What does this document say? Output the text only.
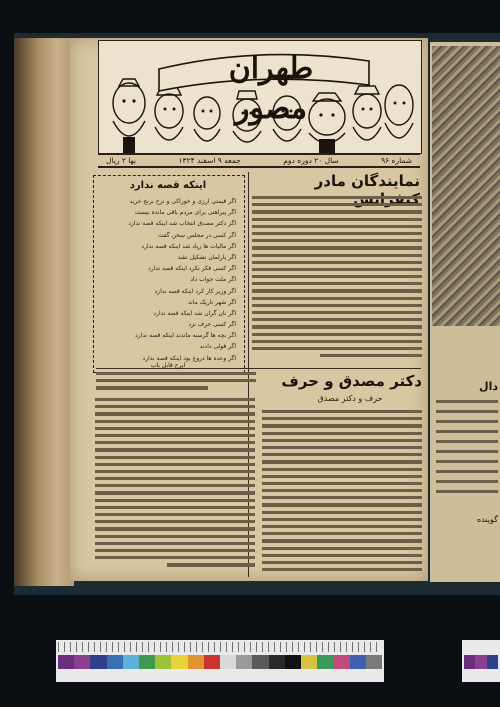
دال
گوینده
طهران مصور
شماره ۹۶
سال ۲۰ دوره دوم
جمعه ۹ اسفند ۱۳۲۴
بها ۲ ریال
اینکه قصه ندارد
اگر قیمتی ارزی و خوراکی و نرخ برنج خرید
اگر پیراهنی برای مردم باقی مانده نیست
اگر دکتر مصدق انتخاب شد اینکه قصه ندارد
اگر کسی در مجلس سخن گفت
اگر مالیات ها زیاد شد اینکه قصه ندارد
اگر پارلمان تشکیل نشد
اگر کسی فکر نکرد اینکه قصه ندارد
اگر ملت جواب داد
اگر وزیر کار کرد اینکه قصه ندارد
اگر شهر تاریک ماند
اگر نان گران شد اینکه قصه ندارد
اگر کسی حرف نزد
اگر بچه ها گرسنه ماندند اینکه قصه ندارد
اگر قولی دادند
اگر وعده ها دروغ بود اینکه قصه ندارد
ایرج قابل باب
نمایندگان مادر
دکتر مصدق و حرف
حرف و دکتر مصدق
